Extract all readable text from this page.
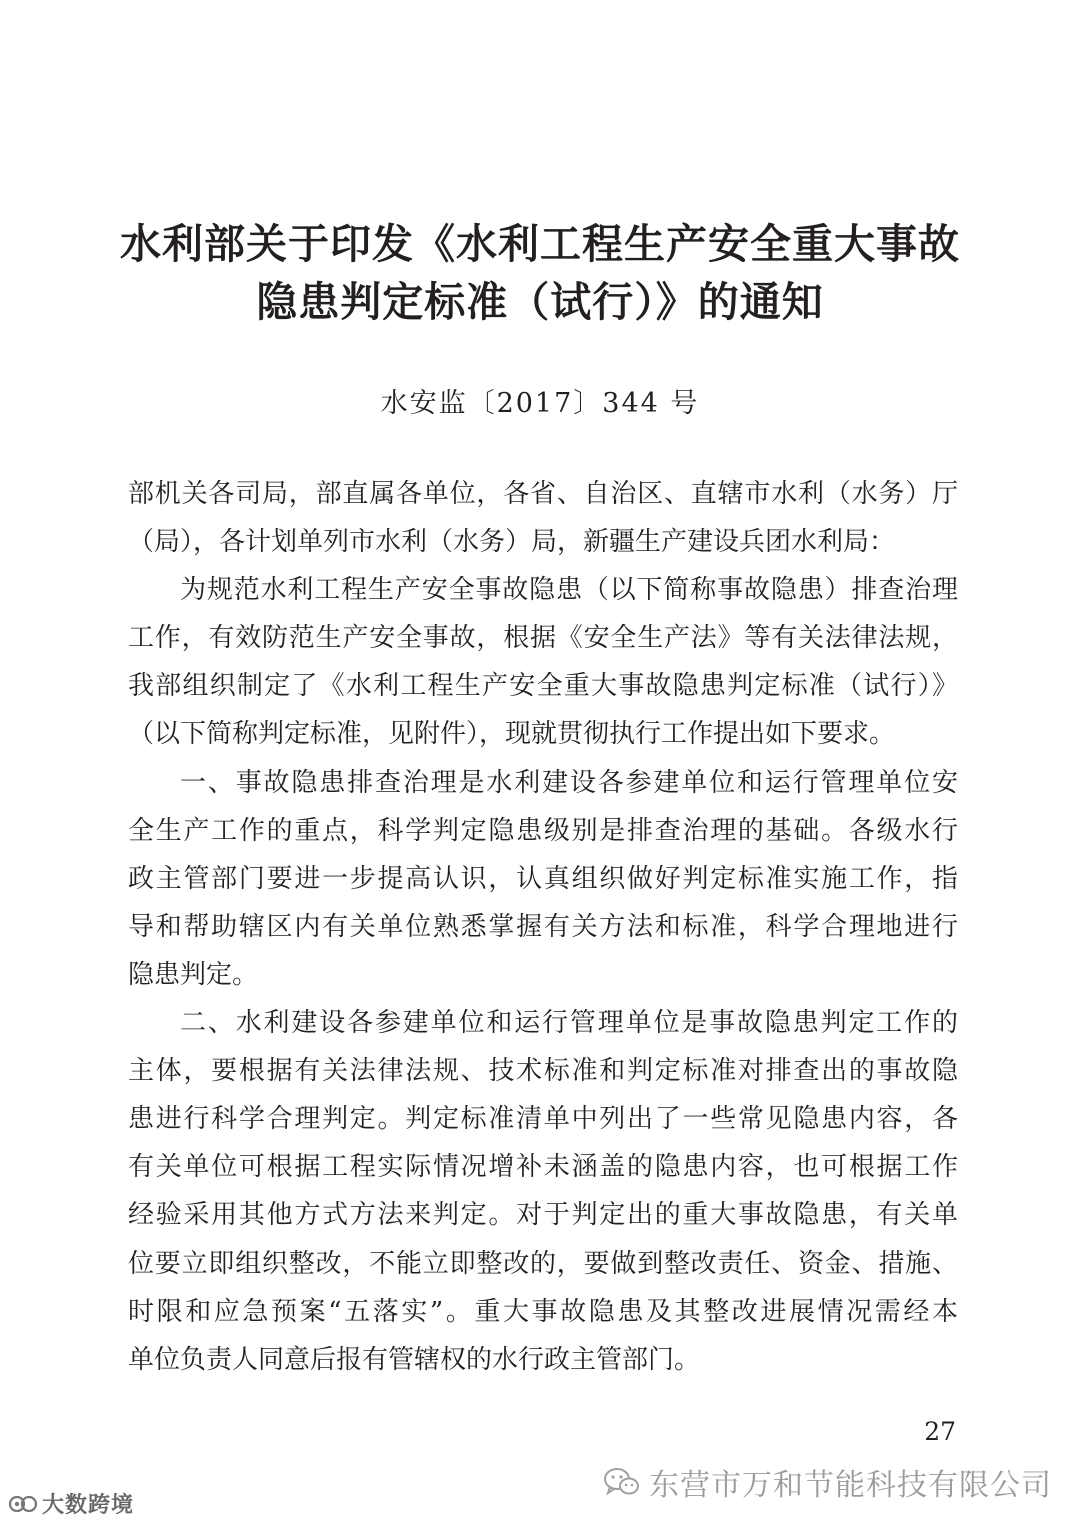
水利部关于印发《水利工程生产安全重大事故
隐患判定标准（试行）》的通知
水安监〔2017〕344 号
部机关各司局，部直属各单位，各省、自治区、直辖市水利（水务）厅
（局），各计划单列市水利（水务）局，新疆生产建设兵团水利局：
为规范水利工程生产安全事故隐患（以下简称事故隐患）排查治理
工作，有效防范生产安全事故，根据《安全生产法》等有关法律法规，
我部组织制定了《水利工程生产安全重大事故隐患判定标准（试行）》
（以下简称判定标准，见附件），现就贯彻执行工作提出如下要求。
一、事故隐患排查治理是水利建设各参建单位和运行管理单位安
全生产工作的重点，科学判定隐患级别是排查治理的基础。各级水行
政主管部门要进一步提高认识，认真组织做好判定标准实施工作，指
导和帮助辖区内有关单位熟悉掌握有关方法和标准，科学合理地进行
隐患判定。
二、水利建设各参建单位和运行管理单位是事故隐患判定工作的
主体，要根据有关法律法规、技术标准和判定标准对排查出的事故隐
患进行科学合理判定。判定标准清单中列出了一些常见隐患内容，各
有关单位可根据工程实际情况增补未涵盖的隐患内容，也可根据工作
经验采用其他方式方法来判定。对于判定出的重大事故隐患，有关单
位要立即组织整改，不能立即整改的，要做到整改责任、资金、措施、
时限和应急预案“五落实”。重大事故隐患及其整改进展情况需经本
单位负责人同意后报有管辖权的水行政主管部门。
27
大数跨境
东营市万和节能科技有限公司
